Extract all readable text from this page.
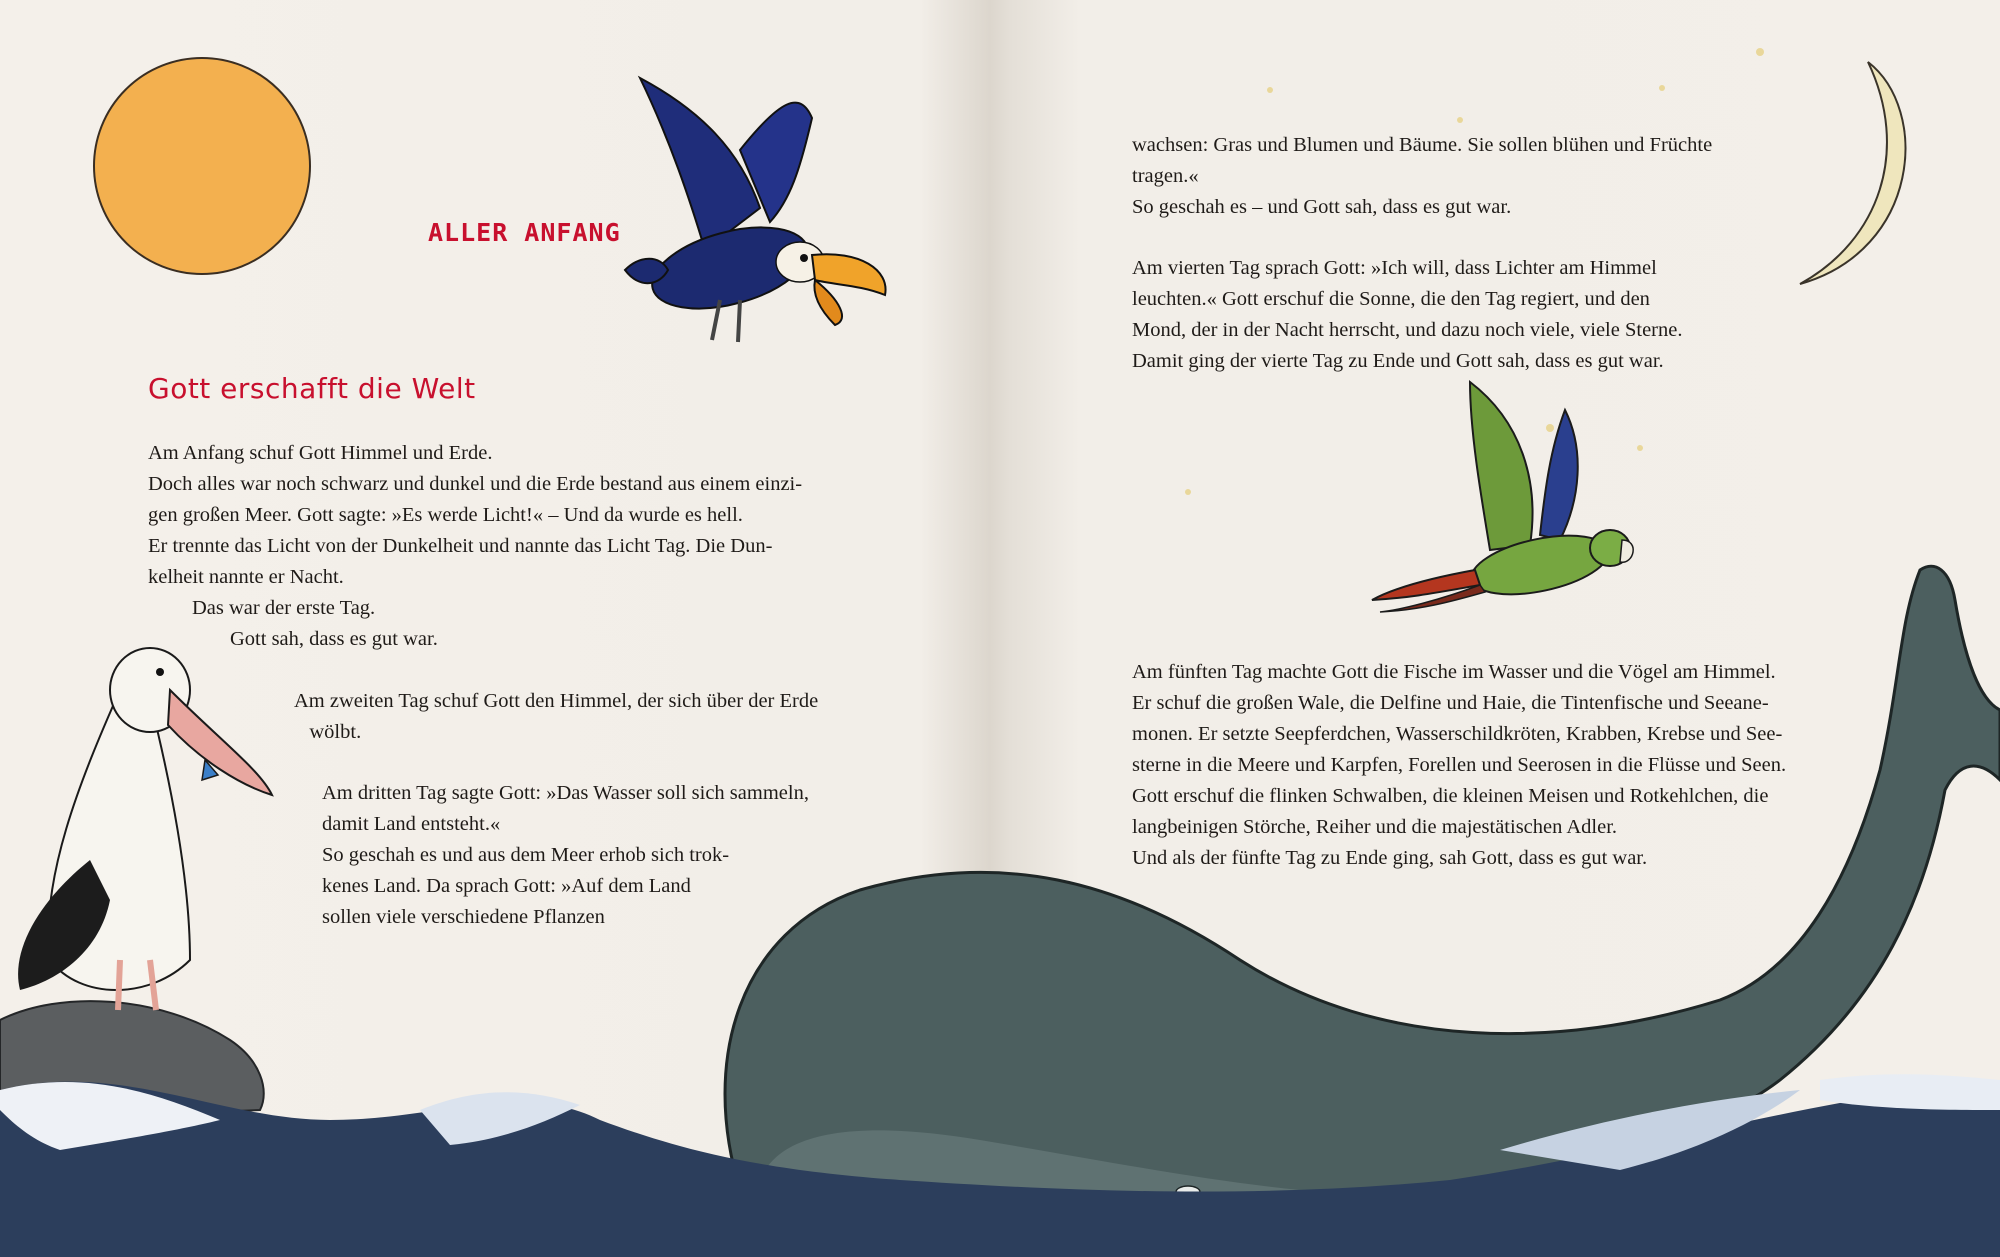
ALLER ANFANG
Gott erschafft die Welt

Am Anfang schuf Gott Himmel und Erde.
Doch alles war noch schwarz und dunkel und die Erde bestand aus einem einzi-
gen großen Meer. Gott sagte: »Es werde Licht!« – Und da wurde es hell.
Er trennte das Licht von der Dunkelheit und nannte das Licht Tag. Die Dun-
kelheit nannte er Nacht.

Das war der erste Tag.

Gott sah, dass es gut war.

Am zweiten Tag schuf Gott den Himmel, der sich über der Erde
wölbt.

Am dritten Tag sagte Gott: »Das Wasser soll sich sammeln,
damit Land entsteht.«
So geschah es und aus dem Meer erhob sich trok-
kenes Land. Da sprach Gott: »Auf dem Land
sollen viele verschiedene Pflanzen

wachsen: Gras und Blumen und Bäume. Sie sollen blühen und Früchte
tragen.«
So geschah es – und Gott sah, dass es gut war.

Am vierten Tag sprach Gott: »Ich will, dass Lichter am Himmel
leuchten.« Gott erschuf die Sonne, die den Tag regiert, und den
Mond, der in der Nacht herrscht, und dazu noch viele, viele Sterne.
Damit ging der vierte Tag zu Ende und Gott sah, dass es gut war.

Am fünften Tag machte Gott die Fische im Wasser und die Vögel am Himmel.
Er schuf die großen Wale, die Delfine und Haie, die Tintenfische und Seeane-
monen. Er setzte Seepferdchen, Wasserschildkröten, Krabben, Krebse und See-
sterne in die Meere und Karpfen, Forellen und Seerosen in die Flüsse und Seen.
Gott erschuf die flinken Schwalben, die kleinen Meisen und Rotkehlchen, die
langbeinigen Störche, Reiher und die majestätischen Adler.
Und als der fünfte Tag zu Ende ging, sah Gott, dass es gut war.
